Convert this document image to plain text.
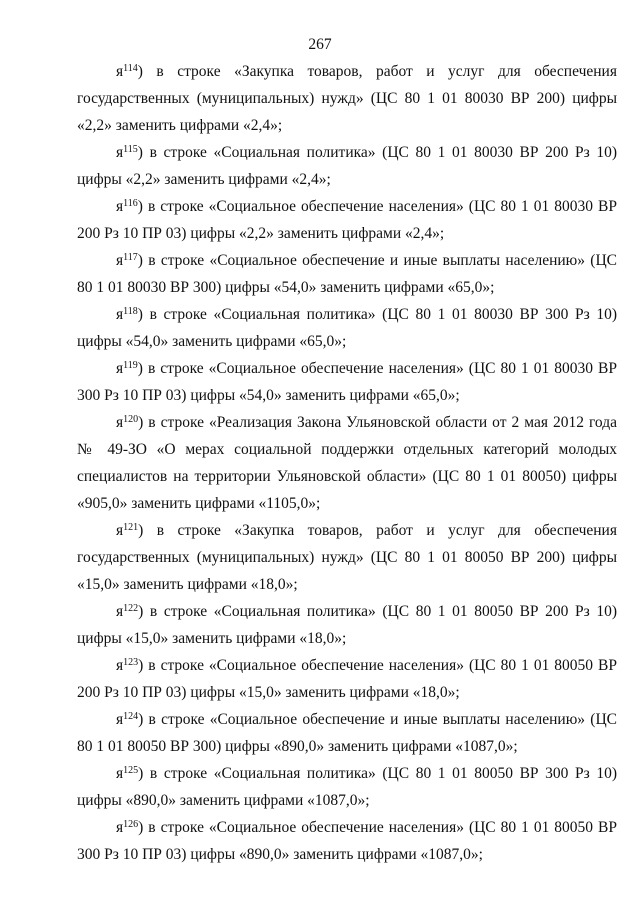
267

я$^{114}$) в строке «Закупка товаров, работ и услуг для обеспечения государственных (муниципальных) нужд» (ЦС 80 1 01 80030 ВР 200) цифры «2,2» заменить цифрами «2,4»;

я$^{115}$) в строке «Социальная политика» (ЦС 80 1 01 80030 ВР 200 Рз 10) цифры «2,2» заменить цифрами «2,4»;

я$^{116}$) в строке «Социальное обеспечение населения» (ЦС 80 1 01 80030 ВР 200 Рз 10 ПР 03) цифры «2,2» заменить цифрами «2,4»;

я$^{117}$) в строке «Социальное обеспечение и иные выплаты населению» (ЦС 80 1 01 80030 ВР 300) цифры «54,0» заменить цифрами «65,0»;

я$^{118}$) в строке «Социальная политика» (ЦС 80 1 01 80030 ВР 300 Рз 10) цифры «54,0» заменить цифрами «65,0»;

я$^{119}$) в строке «Социальное обеспечение населения» (ЦС 80 1 01 80030 ВР 300 Рз 10 ПР 03) цифры «54,0» заменить цифрами «65,0»;

я$^{120}$) в строке «Реализация Закона Ульяновской области от 2 мая 2012 года № 49-ЗО «О мерах социальной поддержки отдельных категорий молодых специалистов на территории Ульяновской области» (ЦС 80 1 01 80050) цифры «905,0» заменить цифрами «1105,0»;

я$^{121}$) в строке «Закупка товаров, работ и услуг для обеспечения государственных (муниципальных) нужд» (ЦС 80 1 01 80050 ВР 200) цифры «15,0» заменить цифрами «18,0»;

я$^{122}$) в строке «Социальная политика» (ЦС 80 1 01 80050 ВР 200 Рз 10) цифры «15,0» заменить цифрами «18,0»;

я$^{123}$) в строке «Социальное обеспечение населения» (ЦС 80 1 01 80050 ВР 200 Рз 10 ПР 03) цифры «15,0» заменить цифрами «18,0»;

я$^{124}$) в строке «Социальное обеспечение и иные выплаты населению» (ЦС 80 1 01 80050 ВР 300) цифры «890,0» заменить цифрами «1087,0»;

я$^{125}$) в строке «Социальная политика» (ЦС 80 1 01 80050 ВР 300 Рз 10) цифры «890,0» заменить цифрами «1087,0»;

я$^{126}$) в строке «Социальное обеспечение населения» (ЦС 80 1 01 80050 ВР 300 Рз 10 ПР 03) цифры «890,0» заменить цифрами «1087,0»;
